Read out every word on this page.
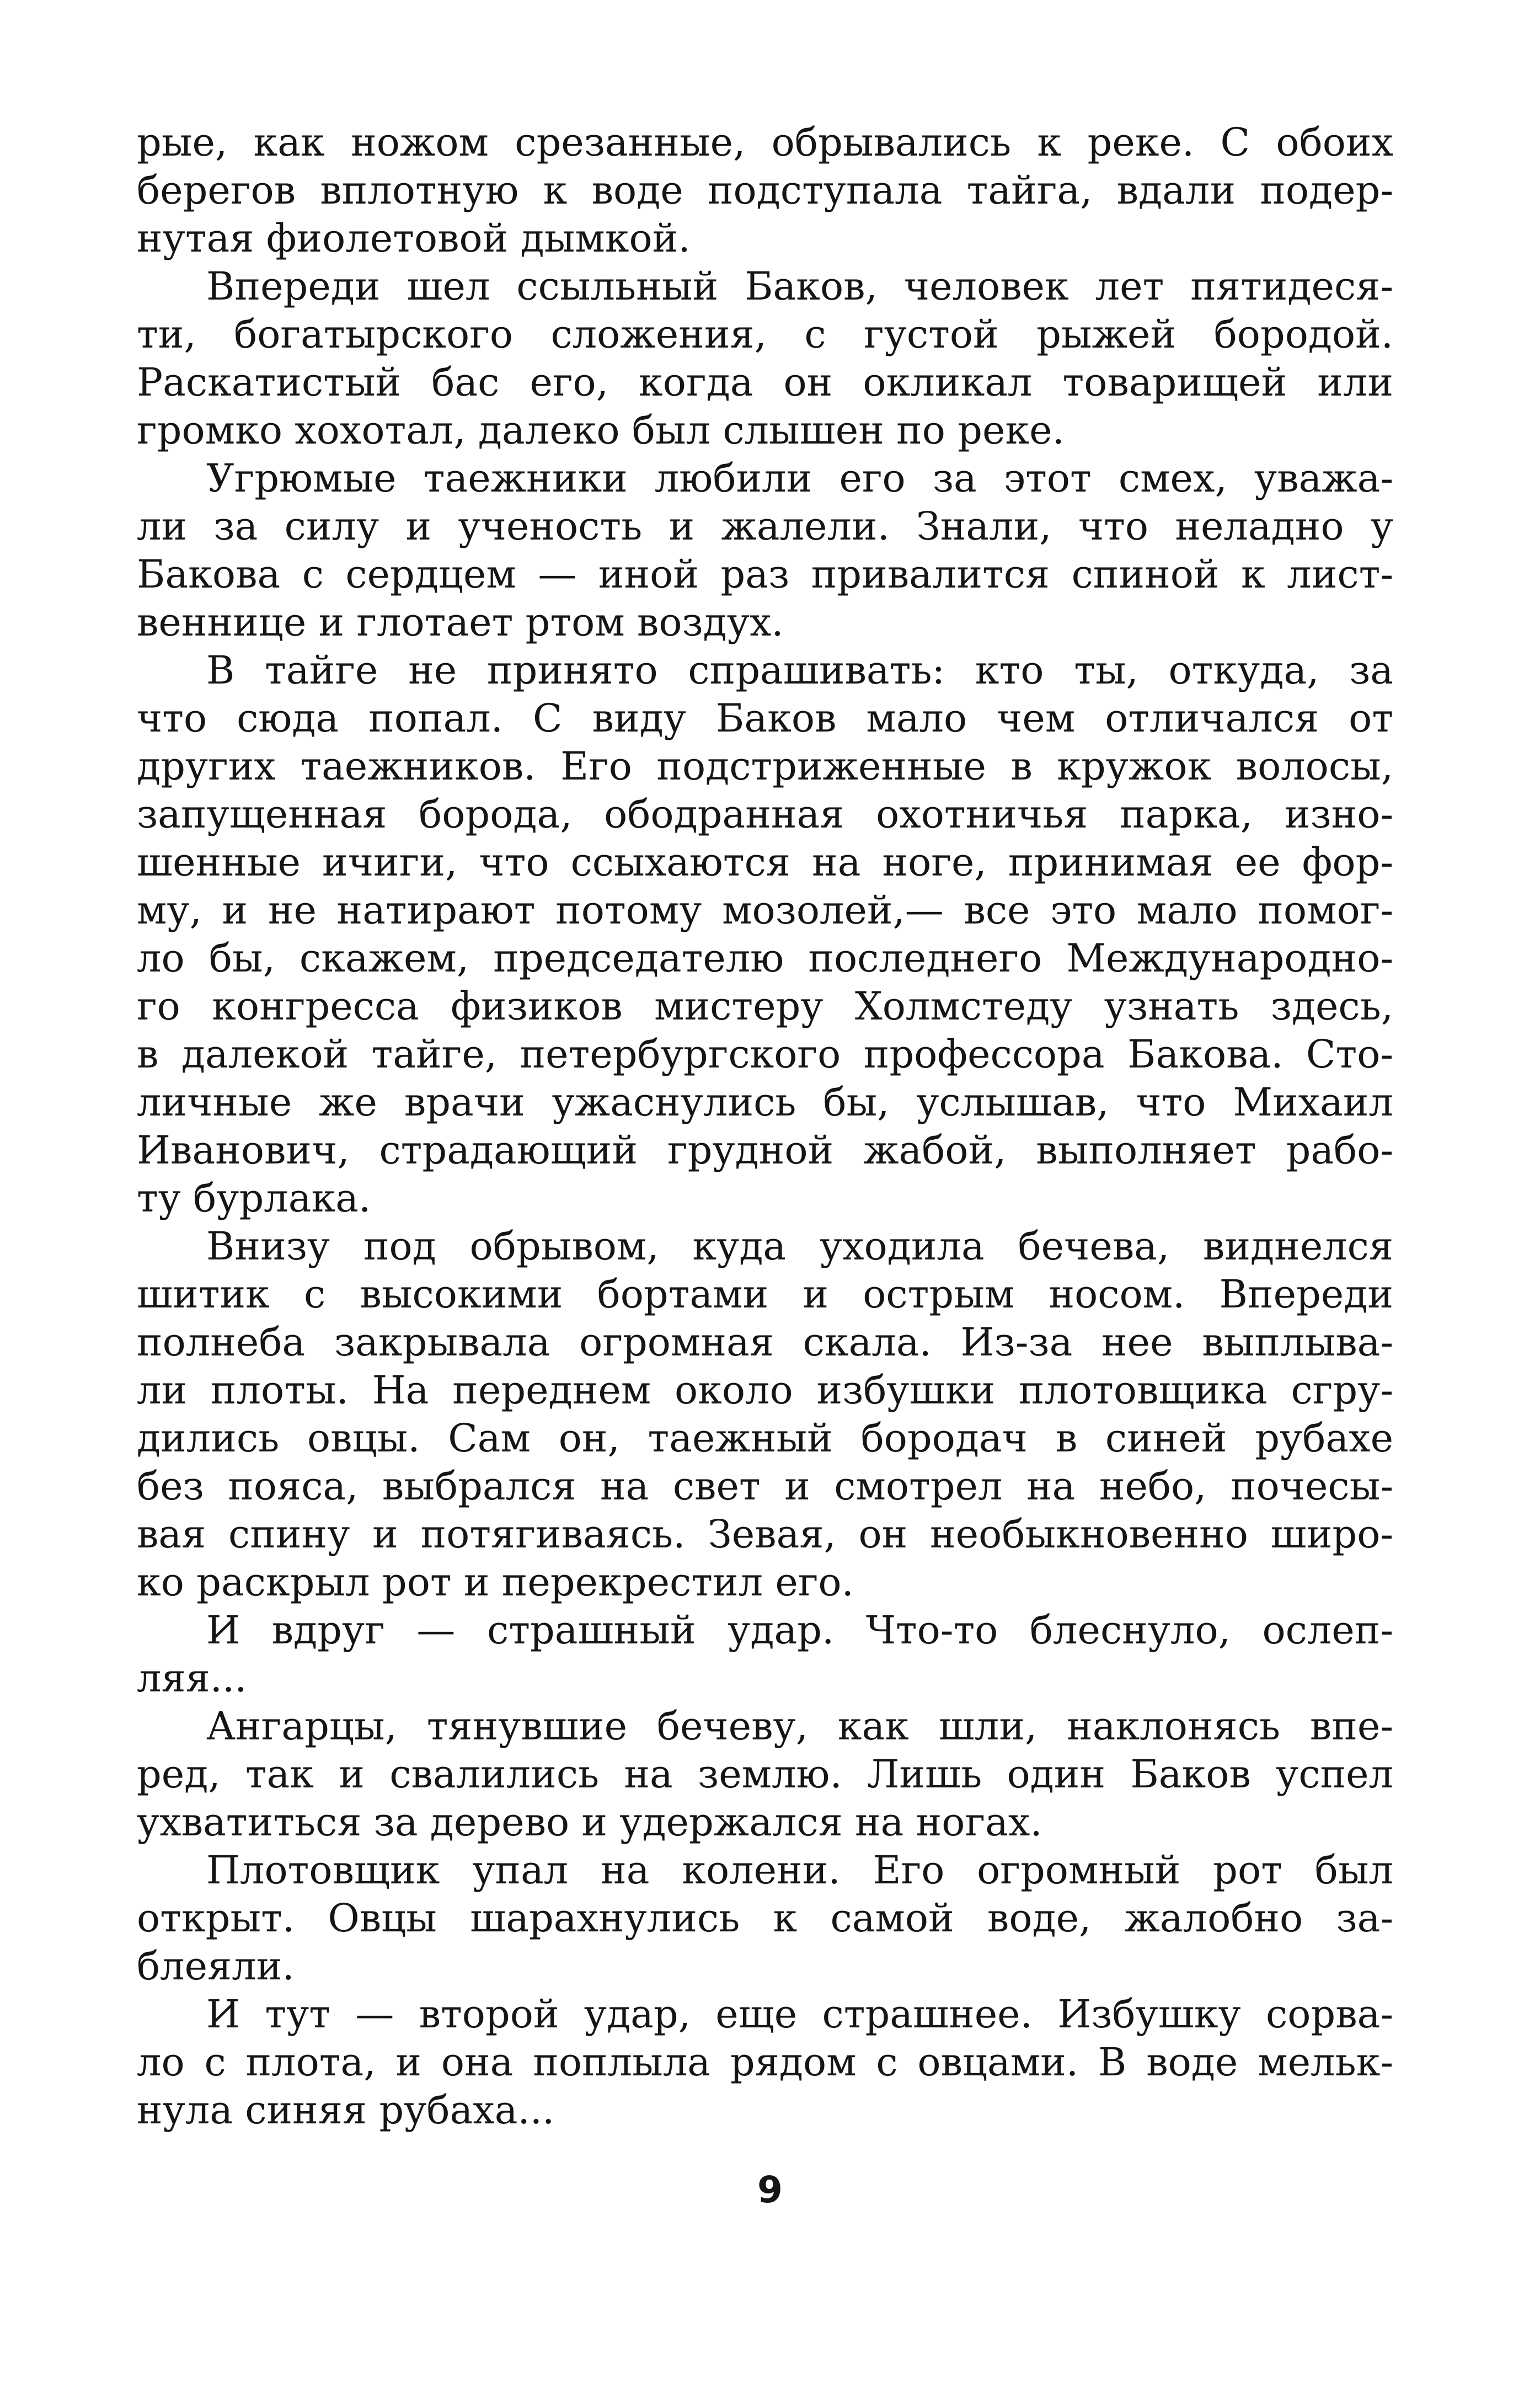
рые, как ножом срезанные, обрывались к реке. С обоих
берегов вплотную к воде подступала тайга, вдали подер-
нутая фиолетовой дымкой.
Впереди шел ссыльный Баков, человек лет пятидеся-
ти, богатырского сложения, с густой рыжей бородой.
Раскатистый бас его, когда он окликал товарищей или
громко хохотал, далеко был слышен по реке.
Угрюмые таежники любили его за этот смех, уважа-
ли за силу и ученость и жалели. Знали, что неладно у
Бакова с сердцем — иной раз привалится спиной к лист-
веннице и глотает ртом воздух.
В тайге не принято спрашивать: кто ты, откуда, за
что сюда попал. С виду Баков мало чем отличался от
других таежников. Его подстриженные в кружок волосы,
запущенная борода, ободранная охотничья парка, изно-
шенные ичиги, что ссыхаются на ноге, принимая ее фор-
му, и не натирают потому мозолей,— все это мало помог-
ло бы, скажем, председателю последнего Международно-
го конгресса физиков мистеру Холмстеду узнать здесь,
в далекой тайге, петербургского профессора Бакова. Сто-
личные же врачи ужаснулись бы, услышав, что Михаил
Иванович, страдающий грудной жабой, выполняет рабо-
ту бурлака.
Внизу под обрывом, куда уходила бечева, виднелся
шитик с высокими бортами и острым носом. Впереди
полнеба закрывала огромная скала. Из-за нее выплыва-
ли плоты. На переднем около избушки плотовщика сгру-
дились овцы. Сам он, таежный бородач в синей рубахе
без пояса, выбрался на свет и смотрел на небо, почесы-
вая спину и потягиваясь. Зевая, он необыкновенно широ-
ко раскрыл рот и перекрестил его.
И вдруг — страшный удар. Что-то блеснуло, ослеп-
ляя...
Ангарцы, тянувшие бечеву, как шли, наклонясь впе-
ред, так и свалились на землю. Лишь один Баков успел
ухватиться за дерево и удержался на ногах.
Плотовщик упал на колени. Его огромный рот был
открыт. Овцы шарахнулись к самой воде, жалобно за-
блеяли.
И тут — второй удар, еще страшнее. Избушку сорва-
ло с плота, и она поплыла рядом с овцами. В воде мельк-
нула синяя рубаха...
9
